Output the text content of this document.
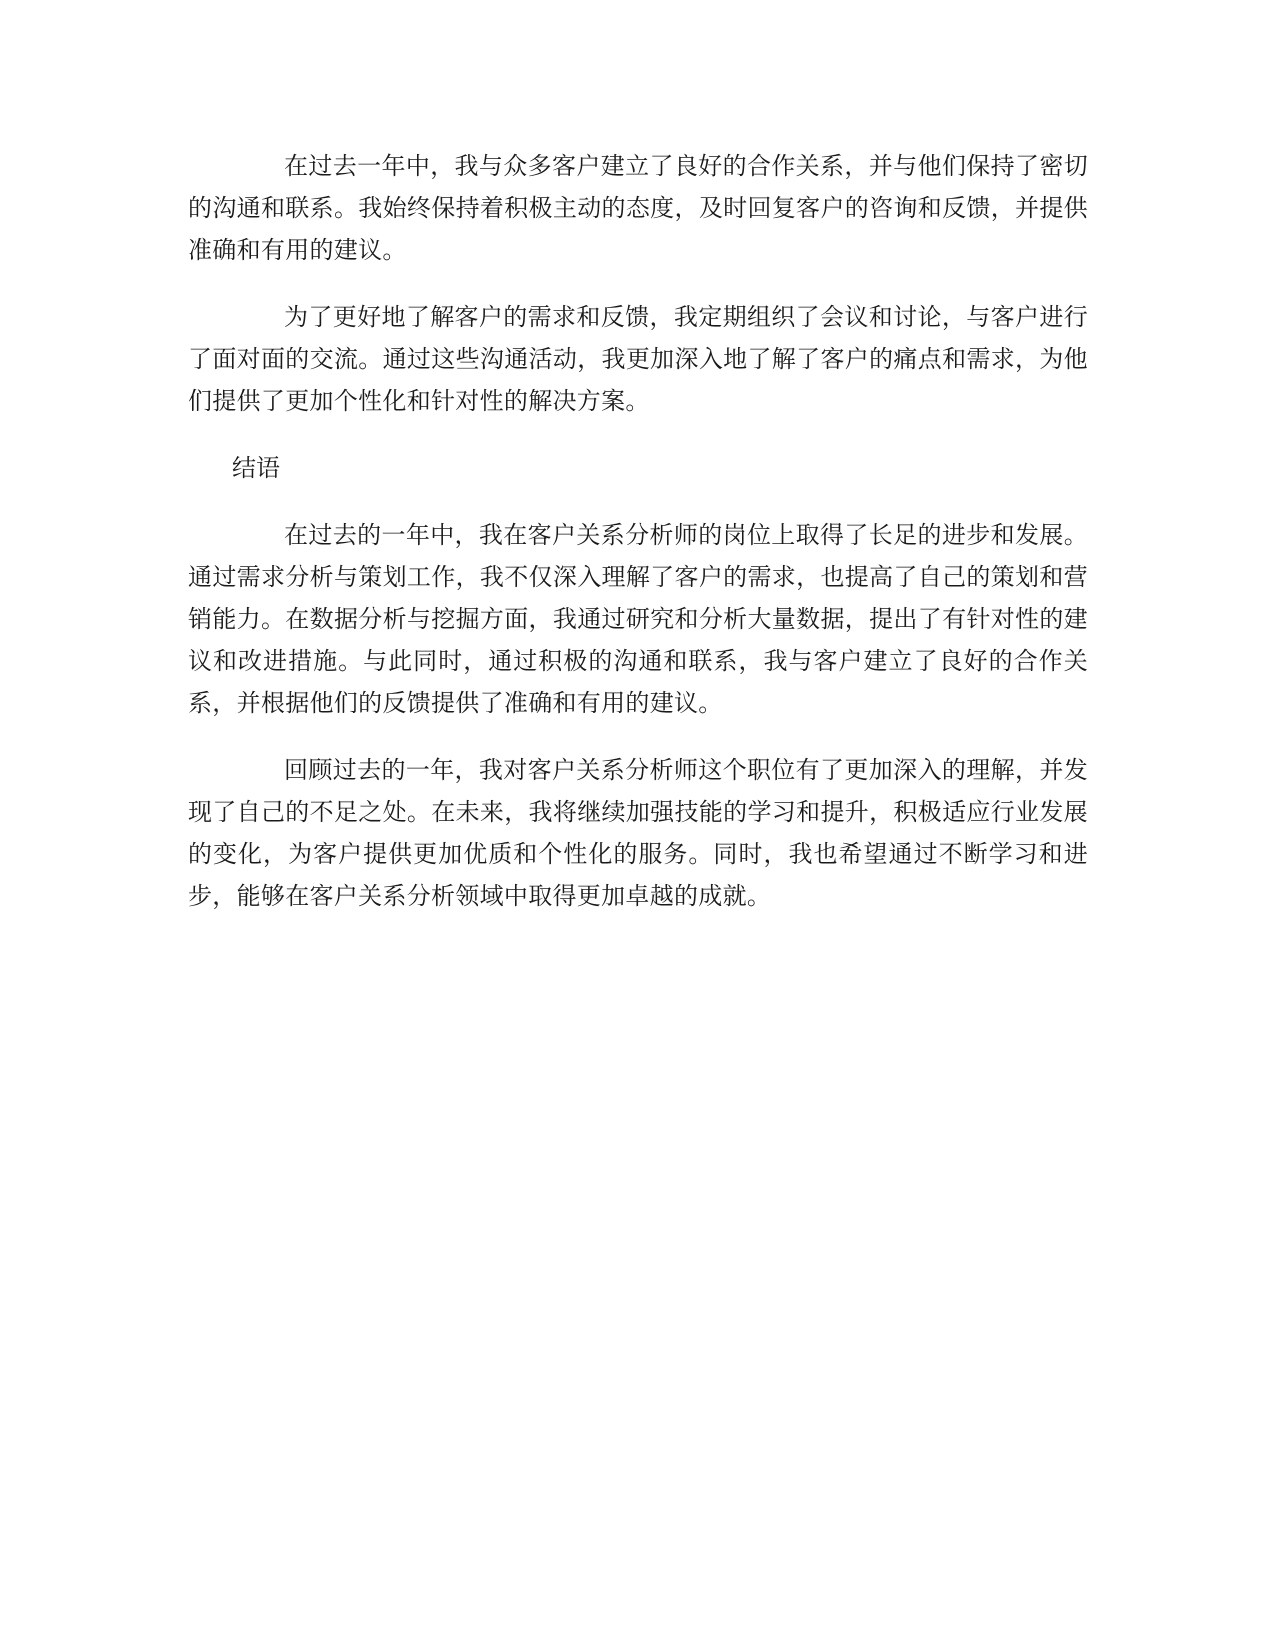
在过去一年中，我与众多客户建立了良好的合作关系，并与他们保持了密切的沟通和联系。我始终保持着积极主动的态度，及时回复客户的咨询和反馈，并提供准确和有用的建议。

为了更好地了解客户的需求和反馈，我定期组织了会议和讨论，与客户进行了面对面的交流。通过这些沟通活动，我更加深入地了解了客户的痛点和需求，为他们提供了更加个性化和针对性的解决方案。

结语

在过去的一年中，我在客户关系分析师的岗位上取得了长足的进步和发展。通过需求分析与策划工作，我不仅深入理解了客户的需求，也提高了自己的策划和营销能力。在数据分析与挖掘方面，我通过研究和分析大量数据，提出了有针对性的建议和改进措施。与此同时，通过积极的沟通和联系，我与客户建立了良好的合作关系，并根据他们的反馈提供了准确和有用的建议。

回顾过去的一年，我对客户关系分析师这个职位有了更加深入的理解，并发现了自己的不足之处。在未来，我将继续加强技能的学习和提升，积极适应行业发展的变化，为客户提供更加优质和个性化的服务。同时，我也希望通过不断学习和进步，能够在客户关系分析领域中取得更加卓越的成就。
